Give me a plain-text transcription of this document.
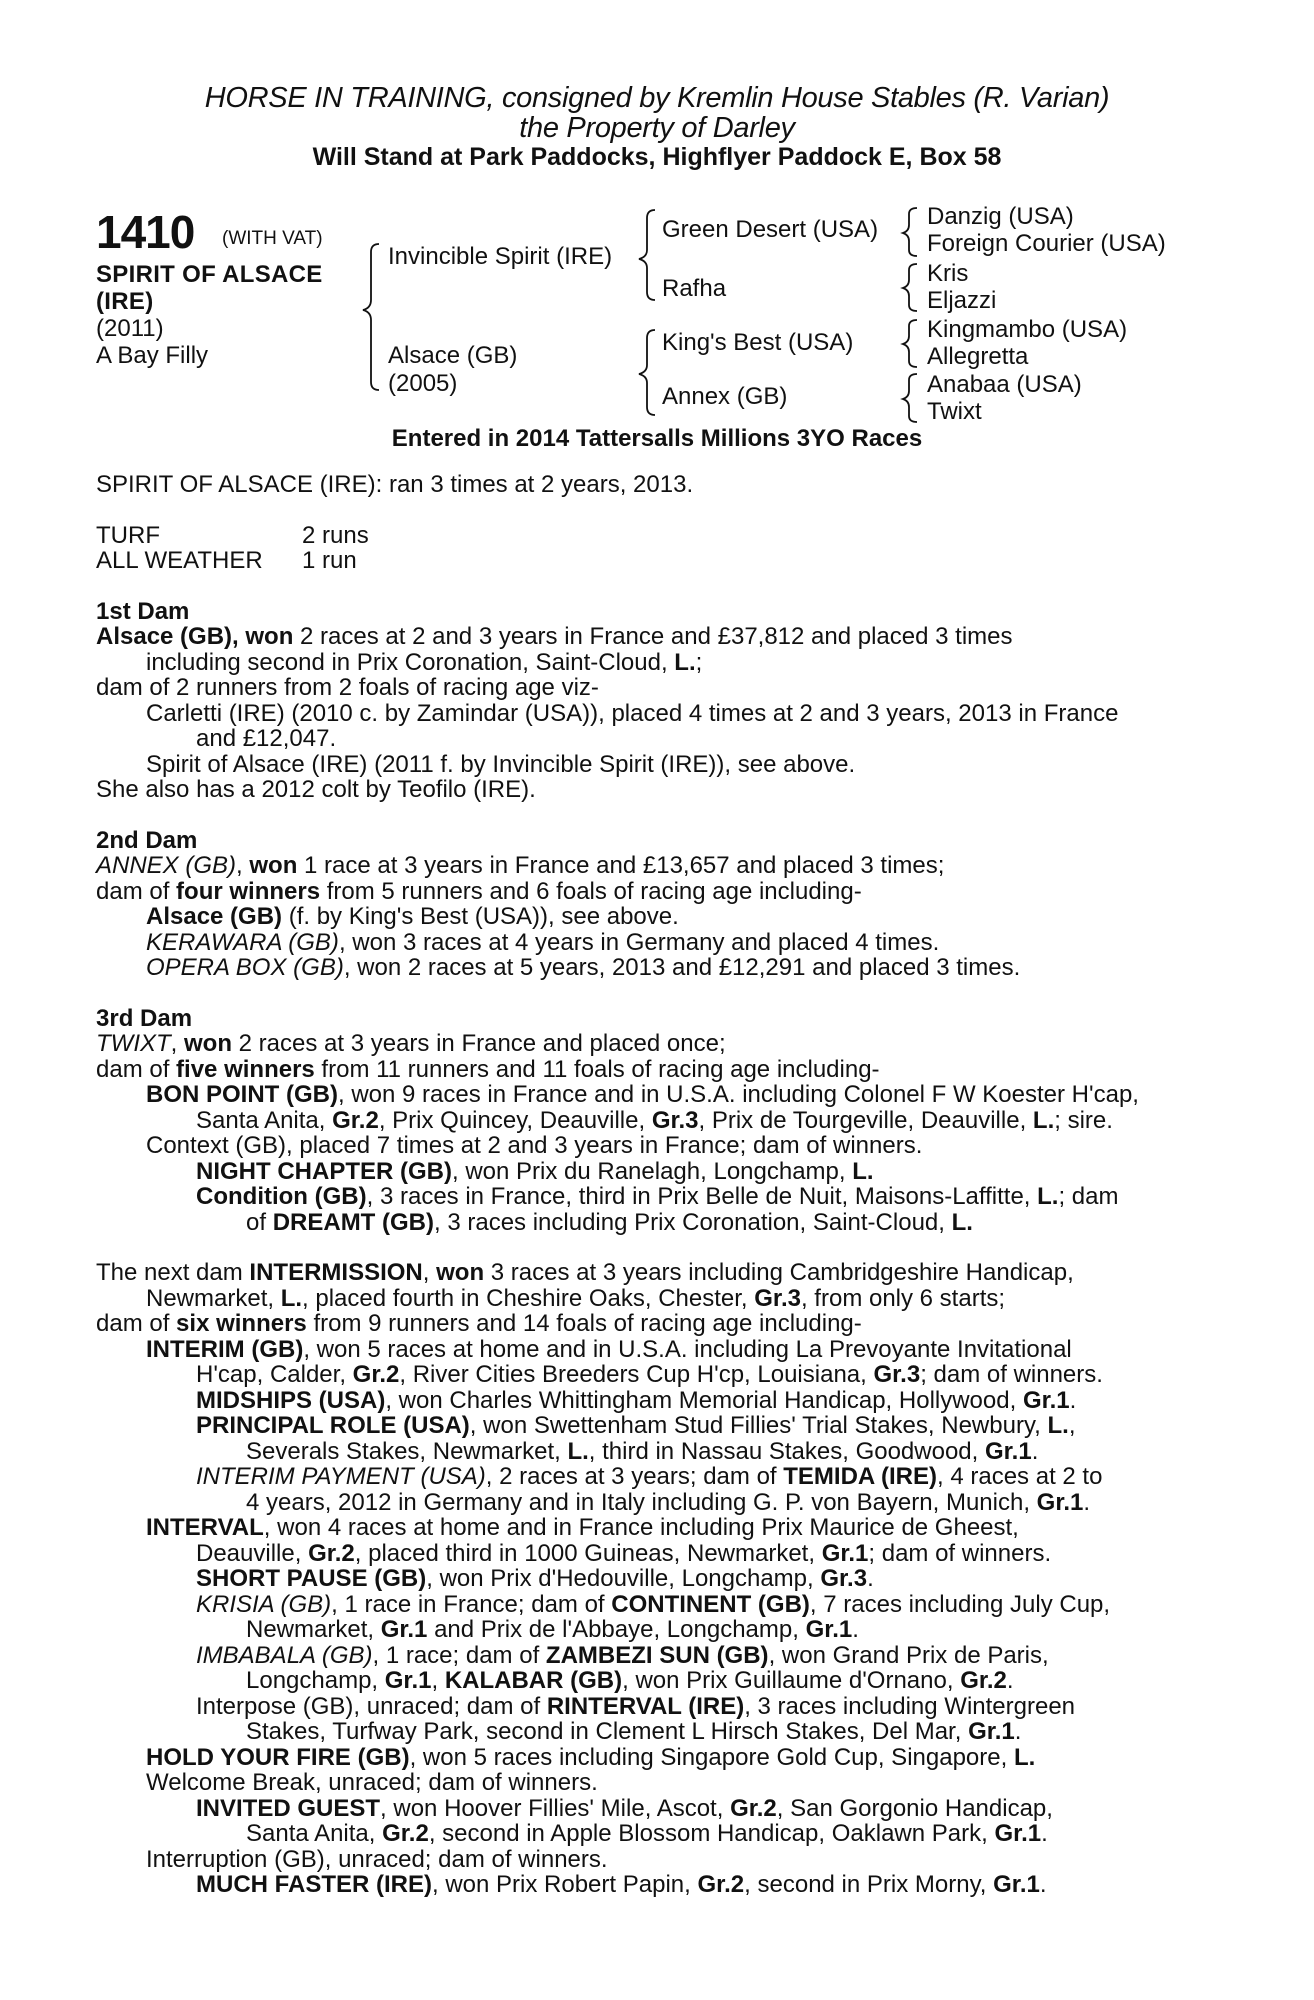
HORSE IN TRAINING, consigned by Kremlin House Stables (R. Varian)
the Property of Darley
Will Stand at Park Paddocks, Highflyer Paddock E, Box 58
1410 (WITH VAT)
SPIRIT OF ALSACE
(IRE)
(2011)
A Bay Filly
Invincible Spirit (IRE)
Alsace (GB)
(2005)
Green Desert (USA)
Rafha
King's Best (USA)
Annex (GB)
Danzig (USA)
Foreign Courier (USA)
Kris
Eljazzi
Kingmambo (USA)
Allegretta
Anabaa (USA)
Twixt
Entered in 2014 Tattersalls Millions 3YO Races
SPIRIT OF ALSACE (IRE): ran 3 times at 2 years, 2013.
TURF	2 runs
ALL WEATHER 1 run
1st Dam
Alsace (GB), won 2 races at 2 and 3 years in France and £37,812 and placed 3 times
including second in Prix Coronation, Saint-Cloud, L.;
dam of 2 runners from 2 foals of racing age viz-
Carletti (IRE) (2010 c. by Zamindar (USA)), placed 4 times at 2 and 3 years, 2013 in France
and £12,047.
Spirit of Alsace (IRE) (2011 f. by Invincible Spirit (IRE)), see above.
She also has a 2012 colt by Teofilo (IRE).
2nd Dam
ANNEX (GB), won 1 race at 3 years in France and £13,657 and placed 3 times;
dam of four winners from 5 runners and 6 foals of racing age including-
Alsace (GB) (f. by King's Best (USA)), see above.
KERAWARA (GB), won 3 races at 4 years in Germany and placed 4 times.
OPERA BOX (GB), won 2 races at 5 years, 2013 and £12,291 and placed 3 times.
3rd Dam
TWIXT, won 2 races at 3 years in France and placed once;
dam of five winners from 11 runners and 11 foals of racing age including-
BON POINT (GB), won 9 races in France and in U.S.A. including Colonel F W Koester H'cap,
Santa Anita, Gr.2, Prix Quincey, Deauville, Gr.3, Prix de Tourgeville, Deauville, L.; sire.
Context (GB), placed 7 times at 2 and 3 years in France; dam of winners.
NIGHT CHAPTER (GB), won Prix du Ranelagh, Longchamp, L.
Condition (GB), 3 races in France, third in Prix Belle de Nuit, Maisons-Laffitte, L.; dam
of DREAMT (GB), 3 races including Prix Coronation, Saint-Cloud, L.
The next dam INTERMISSION, won 3 races at 3 years including Cambridgeshire Handicap,
Newmarket, L., placed fourth in Cheshire Oaks, Chester, Gr.3, from only 6 starts;
dam of six winners from 9 runners and 14 foals of racing age including-
INTERIM (GB), won 5 races at home and in U.S.A. including La Prevoyante Invitational
H'cap, Calder, Gr.2, River Cities Breeders Cup H'cp, Louisiana, Gr.3; dam of winners.
MIDSHIPS (USA), won Charles Whittingham Memorial Handicap, Hollywood, Gr.1.
PRINCIPAL ROLE (USA), won Swettenham Stud Fillies' Trial Stakes, Newbury, L.,
Severals Stakes, Newmarket, L., third in Nassau Stakes, Goodwood, Gr.1.
INTERIM PAYMENT (USA), 2 races at 3 years; dam of TEMIDA (IRE), 4 races at 2 to
4 years, 2012 in Germany and in Italy including G. P. von Bayern, Munich, Gr.1.
INTERVAL, won 4 races at home and in France including Prix Maurice de Gheest,
Deauville, Gr.2, placed third in 1000 Guineas, Newmarket, Gr.1; dam of winners.
SHORT PAUSE (GB), won Prix d'Hedouville, Longchamp, Gr.3.
KRISIA (GB), 1 race in France; dam of CONTINENT (GB), 7 races including July Cup,
Newmarket, Gr.1 and Prix de l'Abbaye, Longchamp, Gr.1.
IMBABALA (GB), 1 race; dam of ZAMBEZI SUN (GB), won Grand Prix de Paris,
Longchamp, Gr.1, KALABAR (GB), won Prix Guillaume d'Ornano, Gr.2.
Interpose (GB), unraced; dam of RINTERVAL (IRE), 3 races including Wintergreen
Stakes, Turfway Park, second in Clement L Hirsch Stakes, Del Mar, Gr.1.
HOLD YOUR FIRE (GB), won 5 races including Singapore Gold Cup, Singapore, L.
Welcome Break, unraced; dam of winners.
INVITED GUEST, won Hoover Fillies' Mile, Ascot, Gr.2, San Gorgonio Handicap,
Santa Anita, Gr.2, second in Apple Blossom Handicap, Oaklawn Park, Gr.1.
Interruption (GB), unraced; dam of winners.
MUCH FASTER (IRE), won Prix Robert Papin, Gr.2, second in Prix Morny, Gr.1.
